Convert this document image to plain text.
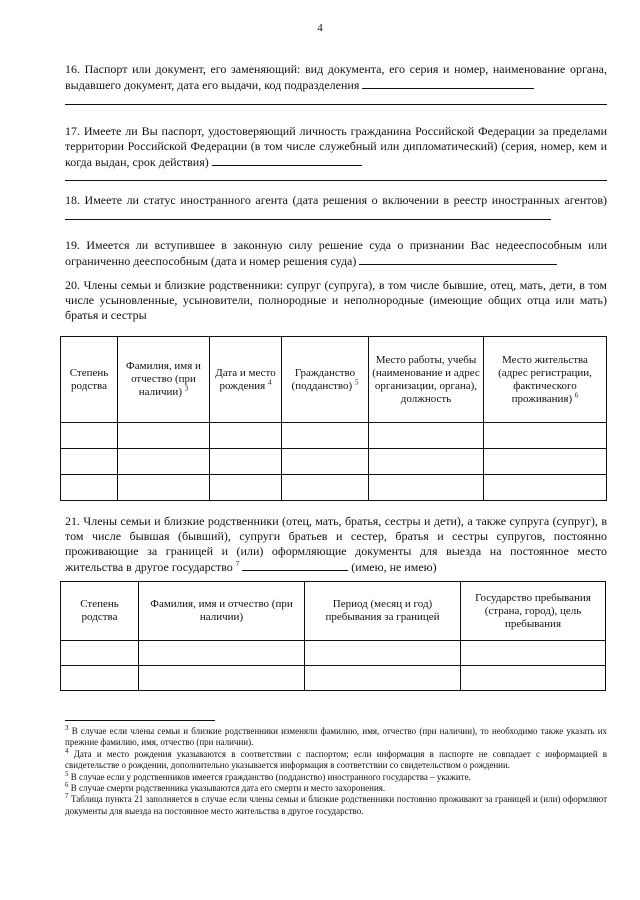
4
16. Паспорт или документ, его заменяющий: вид документа, его серия и номер, наименование органа, выдавшего документ, дата его выдачи, код подразделения
17. Имеете ли Вы паспорт, удостоверяющий личность гражданина Российской Федерации за пределами территории Российской Федерации (в том числе служебный или дипломатический) (серия, номер, кем и когда выдан, срок действия)
18. Имеете ли статус иностранного агента (дата решения о включении в реестр иностранных агентов)
19. Имеется ли вступившее в законную силу решение суда о признании Вас недееспособным или ограниченно дееспособным (дата и номер решения суда)
20. Члены семьи и близкие родственники: супруг (супруга), в том числе бывшие, отец, мать, дети, в том числе усыновленные, усыновители, полнородные и неполнородные (имеющие общих отца или мать) братья и сестры
Степень родства	Фамилия, имя и отчество (при наличии) $^3$	Дата и место рождения $^4$	Гражданство (подданство) $^5$	Место работы, учебы (наименование и адрес организации, органа), должность	Место жительства (адрес регистрации, фактического проживания) $^6$

21. Члены семьи и близкие родственники (отец, мать, братья, сестры и дети), а также супруга (супруг), в том числе бывшая (бывший), супруги братьев и сестер, братья и сестры супругов, постоянно проживающие за границей и (или) оформляющие документы для выезда на постоянное место жительства в другое государство $^7$	(имею, не имею)
Степень родства	Фамилия, имя и отчество (при наличии)	Период (месяц и год) пребывания за границей	Государство пребывания (страна, город), цель пребывания

$^3$ В случае если члены семьи и близкие родственники изменяли фамилию, имя, отчество (при наличии), то необходимо также указать их прежние фамилию, имя, отчество (при наличии).

$^4$ Дата и место рождения указываются в соответствии с паспортом; если информация в паспорте не совпадает с информацией в свидетельстве о рождении, дополнительно указывается информация в соответствии со свидетельством о рождении.

$^5$ В случае если у родственников имеется гражданство (подданство) иностранного государства – укажите.

$^6$ В случае смерти родственника указываются дата его смерти и место захоронения.

$^7$ Таблица пункта 21 заполняется в случае если члены семьи и близкие родственники постоянно проживают за границей и (или) оформляют документы для выезда на постоянное место жительства в другое государство.
